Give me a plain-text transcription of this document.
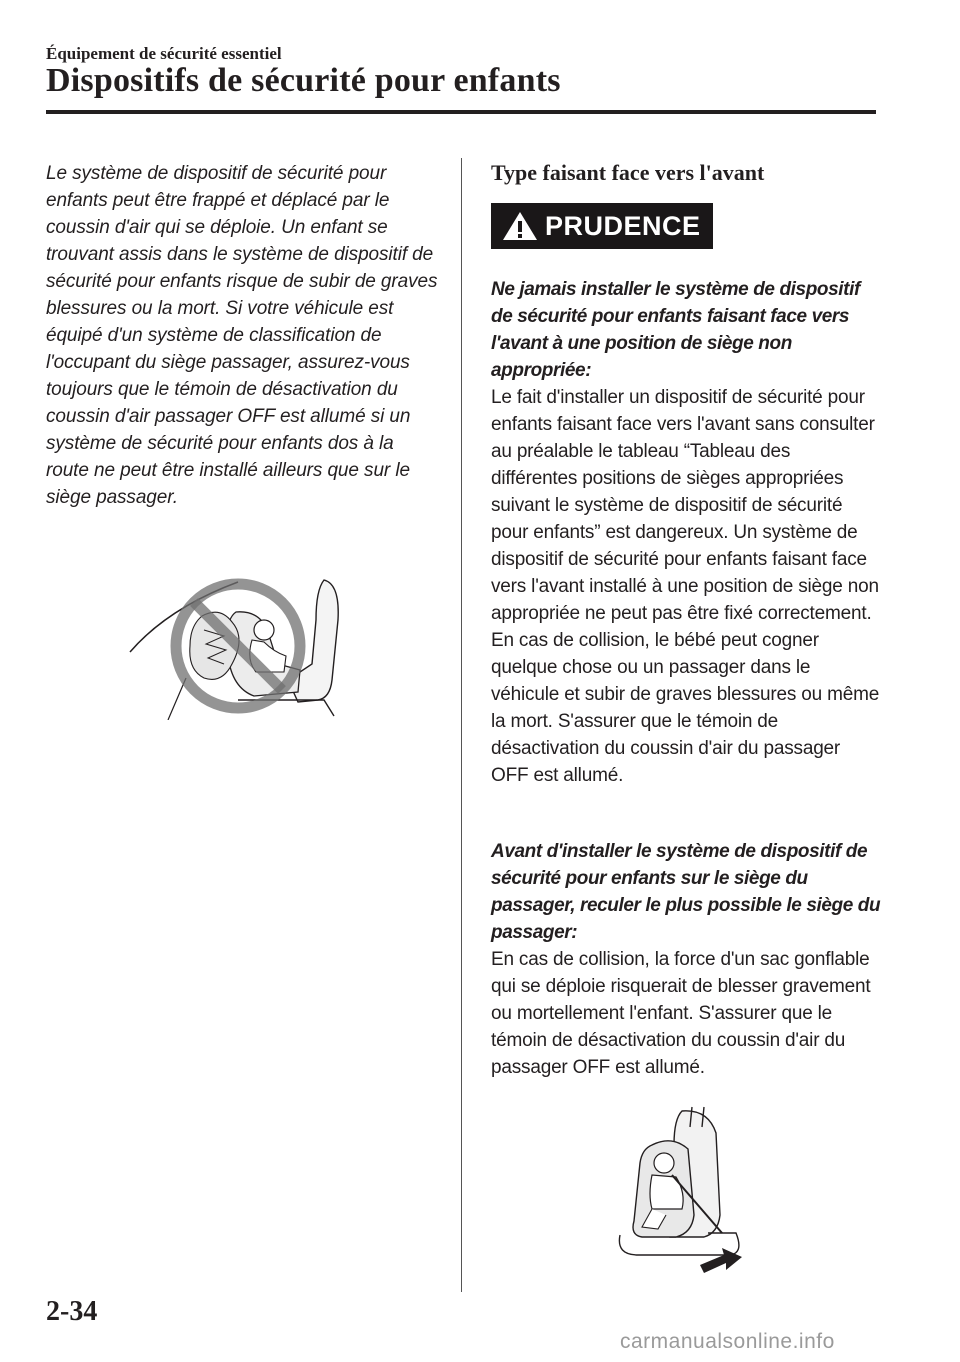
Équipement de sécurité essentiel
Dispositifs de sécurité pour enfants

Le système de dispositif de sécurité pour enfants peut être frappé et déplacé par le coussin d'air qui se déploie. Un enfant se trouvant assis dans le système de dispositif de sécurité pour enfants risque de subir de graves blessures ou la mort. Si votre véhicule est équipé d'un système de classification de l'occupant du siège passager, assurez-vous toujours que le témoin de désactivation du coussin d'air passager OFF est allumé si un système de sécurité pour enfants dos à la route ne peut être installé ailleurs que sur le siège passager.

Type faisant face vers l'avant
PRUDENCE

Ne jamais installer le système de dispositif de sécurité pour enfants faisant face vers l'avant à une position de siège non appropriée:

Le fait d'installer un dispositif de sécurité pour enfants faisant face vers l'avant sans consulter au préalable le tableau “Tableau des différentes positions de sièges appropriées suivant le système de dispositif de sécurité pour enfants” est dangereux. Un système de dispositif de sécurité pour enfants faisant face vers l'avant installé à une position de siège non appropriée ne peut pas être fixé correctement. En cas de collision, le bébé peut cogner quelque chose ou un passager dans le véhicule et subir de graves blessures ou même la mort. S'assurer que le témoin de désactivation du coussin d'air du passager OFF est allumé.

Avant d'installer le système de dispositif de sécurité pour enfants sur le siège du passager, reculer le plus possible le siège du passager:

En cas de collision, la force d'un sac gonflable qui se déploie risquerait de blesser gravement ou mortellement l'enfant. S'assurer que le témoin de désactivation du coussin d'air du passager OFF est allumé.

2-34
carmanualsonline.info
